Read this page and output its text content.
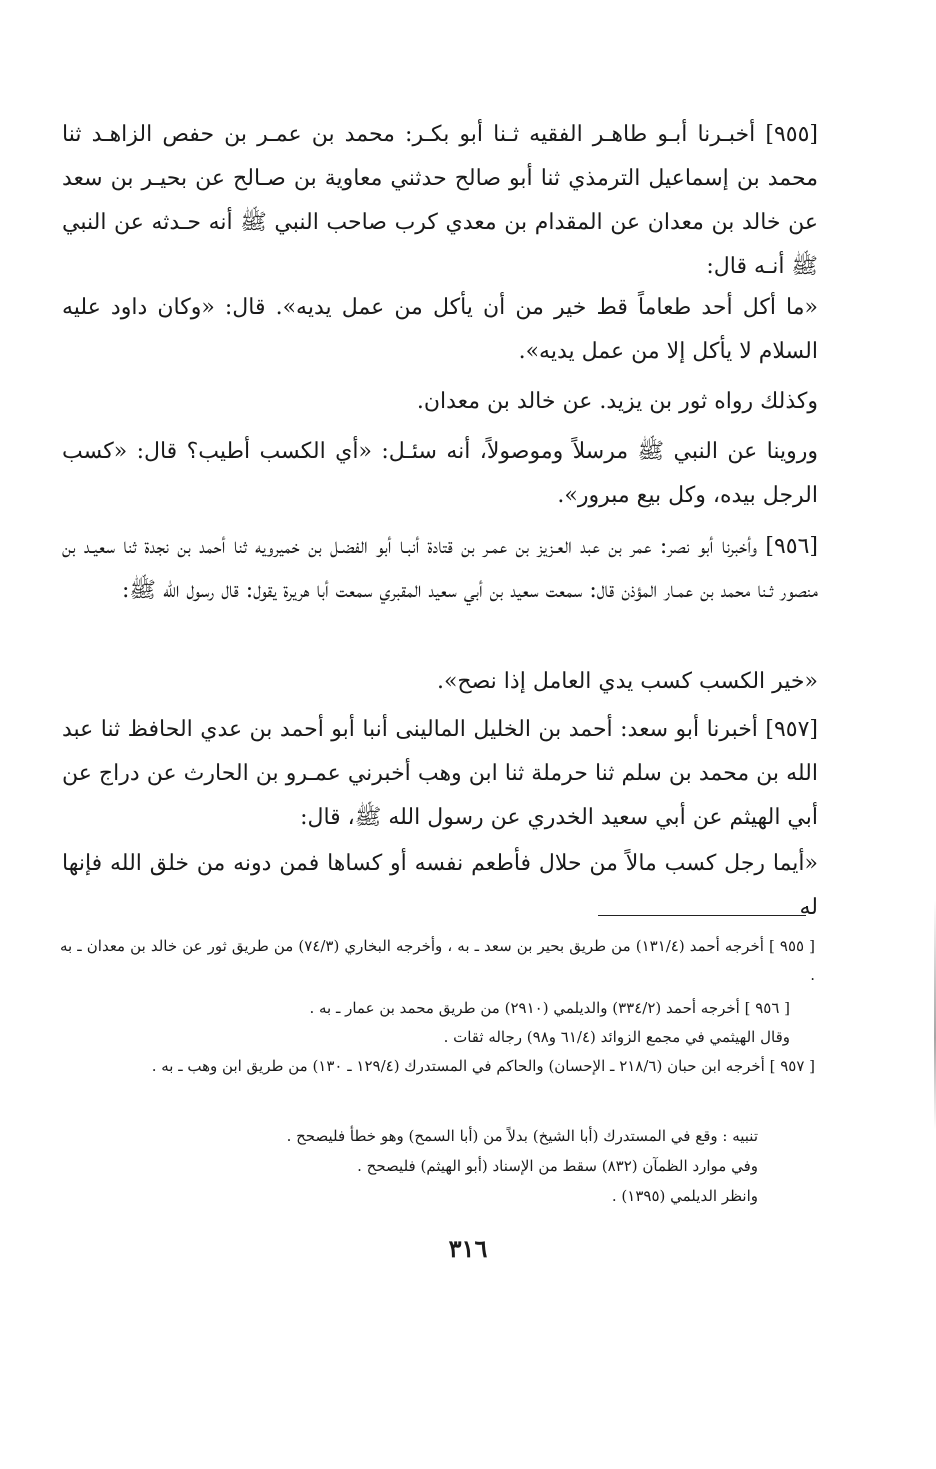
[٩٥٥] أخبـرنا أبـو طاهـر الفقيه ثـنا أبو بكـر: محمد بن عمـر بن حفص الزاهـد ثنا محمد بن إسماعيل الترمذي ثنا أبو صالح حدثني معاوية بن صـالح عن بحيـر بن سعد عن خالد بن معدان عن المقدام بن معدي كرب صاحب النبي ﷺ أنه حـدثه عن النبي ﷺ أنـه قال:

«ما أكل أحد طعاماً قط خير من أن يأكل من عمل يديه». قال: «وكان داود عليه السلام لا يأكل إلا من عمل يديه».

وكذلك رواه ثور بن يزيد. عن خالد بن معدان.

وروينا عن النبي ﷺ مرسلاً وموصولاً، أنه سئـل: «أي الكسب أطيب؟ قال: «كسب الرجل بيده، وكل بيع مبرور».

[٩٥٦] وأخبرنا أبو نصر: عمر بن عبد العـزيز بن عمـر بن قتادة أنبـا أبو الفضـل بن خميرويه ثنا أحمد بن نجدة ثنا سعيـد بن منصور ثـنا محمد بن عمـار المؤذن قال: سمعت سعيد بن أبي سعيد المقبري سمعت أبا هريرة يقول: قال رسول الله ﷺ:

«خير الكسب كسب يدي العامل إذا نصح».

[٩٥٧] أخبرنا أبو سعد: أحمد بن الخليل المالينى أنبا أبو أحمد بن عدي الحافظ ثنا عبد الله بن محمد بن سلم ثنا حرملة ثنا ابن وهب أخبرني عمـرو بن الحارث عن دراج عن أبي الهيثم عن أبي سعيد الخدري عن رسول الله ﷺ، قال:

«أيما رجل كسب مالاً من حلال فأطعم نفسه أو كساها فمن دونه من خلق الله فإنها له

[ ٩٥٥ ] أخرجه أحمد (١٣١/٤) من طريق بحير بن سعد ـ به ، وأخرجه البخاري (٧٤/٣) من طريق ثور عن خالد بن معدان ـ به .

[ ٩٥٦ ] أخرجه أحمد (٣٣٤/٢) والديلمي (٢٩١٠) من طريق محمد بن عمار ـ به .

وقال الهيثمي في مجمع الزوائد (٦١/٤ و٩٨) رجاله ثقات .

[ ٩٥٧ ] أخرجه ابن حبان (٢١٨/٦ ـ الإحسان) والحاكم في المستدرك (١٢٩/٤ ـ ١٣٠) من طريق ابن وهب ـ به .

تنبيه : وقع في المستدرك (أبا الشيخ) بدلاً من (أبا السمح) وهو خطأ فليصحح .

وفي موارد الظمآن (٨٣٢) سقط من الإسناد (أبو الهيثم) فليصحح .

وانظر الديلمي (١٣٩٥) .

٣١٦
